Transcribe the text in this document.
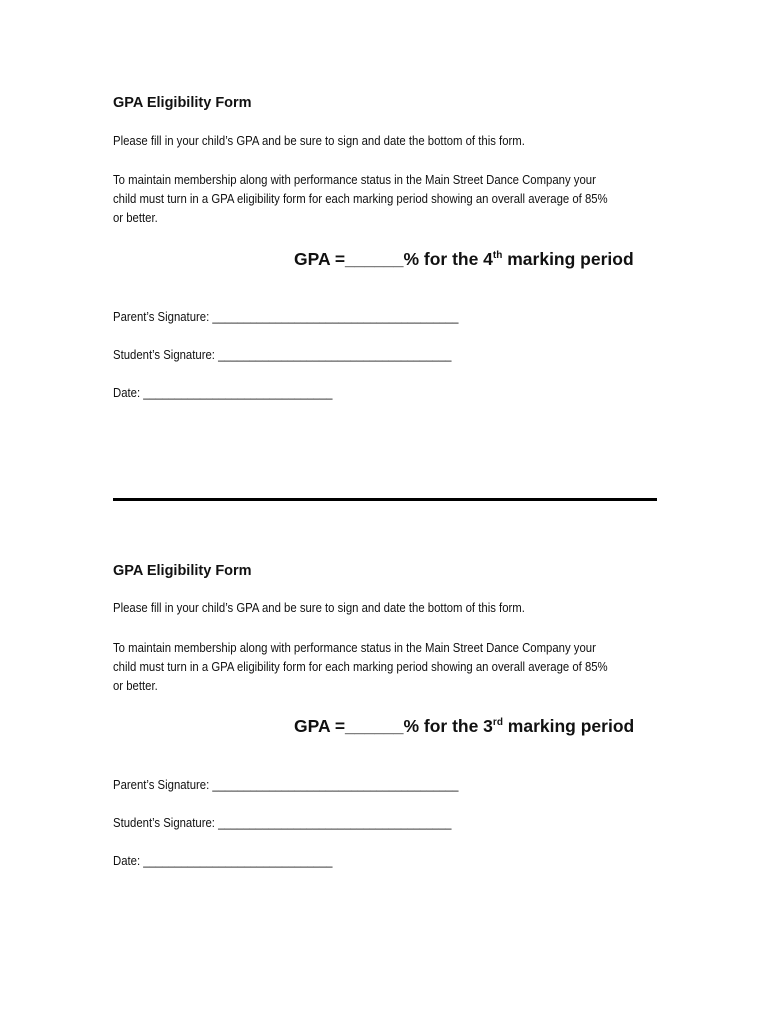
GPA Eligibility Form
Please fill in your child’s GPA and be sure to sign and date the bottom of this form.
To maintain membership along with performance status in the Main Street Dance Company your
child must turn in a GPA eligibility form for each marking period showing an overall average of 85%
or better.
GPA =______% for the 4th marking period
Parent’s Signature: _______________________________________
Student’s Signature: _____________________________________
Date: ______________________________
GPA Eligibility Form
Please fill in your child’s GPA and be sure to sign and date the bottom of this form.
To maintain membership along with performance status in the Main Street Dance Company your
child must turn in a GPA eligibility form for each marking period showing an overall average of 85%
or better.
GPA =______% for the 3rd marking period
Parent’s Signature: _______________________________________
Student’s Signature: _____________________________________
Date: ______________________________
